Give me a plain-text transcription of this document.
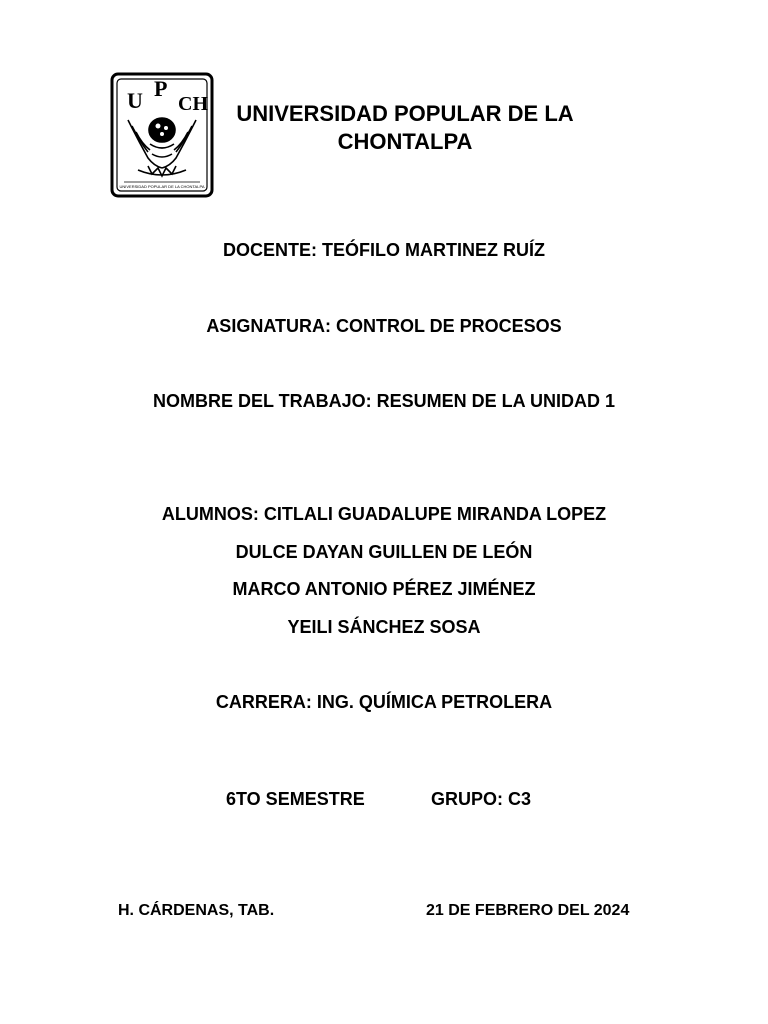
U P
CH
UNIVERSIDAD POPULAR DE LA CHONTALPA
UNIVERSIDAD POPULAR DE LA
CHONTALPA
DOCENTE: TEÓFILO MARTINEZ RUÍZ
ASIGNATURA: CONTROL DE PROCESOS
NOMBRE DEL TRABAJO: RESUMEN DE LA UNIDAD 1
ALUMNOS: CITLALI GUADALUPE MIRANDA LOPEZ
DULCE DAYAN GUILLEN DE LEÓN
MARCO ANTONIO PÉREZ JIMÉNEZ
YEILI SÁNCHEZ SOSA
CARRERA: ING. QUÍMICA PETROLERA
6TO SEMESTRE	GRUPO: C3
H. CÁRDENAS, TAB.	21 DE FEBRERO DEL 2024
